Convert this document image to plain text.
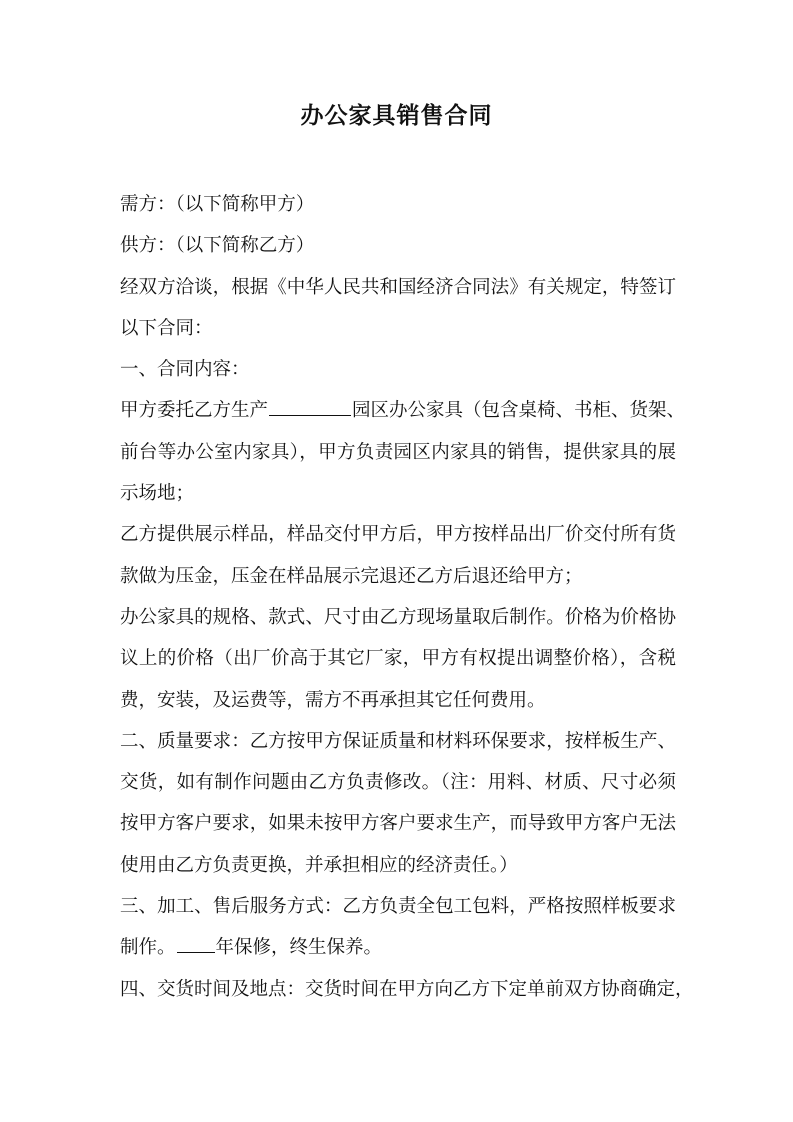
办公家具销售合同
需方：（以下简称甲方）
供方：（以下简称乙方）
经双方洽谈，根据《中华人民共和国经济合同法》有关规定，特签订
以下合同：
一、合同内容：
甲方委托乙方生产	园区办公家具（包含桌椅、书柜、货架、
前台等办公室内家具），甲方负责园区内家具的销售，提供家具的展
示场地；
乙方提供展示样品，样品交付甲方后，甲方按样品出厂价交付所有货
款做为压金，压金在样品展示完退还乙方后退还给甲方；
办公家具的规格、款式、尺寸由乙方现场量取后制作。价格为价格协
议上的价格（出厂价高于其它厂家，甲方有权提出调整价格），含税
费，安装，及运费等，需方不再承担其它任何费用。
二、质量要求：乙方按甲方保证质量和材料环保要求，按样板生产、
交货，如有制作问题由乙方负责修改。（注：用料、材质、尺寸必须
按甲方客户要求，如果未按甲方客户要求生产，而导致甲方客户无法
使用由乙方负责更换，并承担相应的经济责任。）
三、加工、售后服务方式：乙方负责全包工包料，严格按照样板要求
制作。 年保修，终生保养。
四、交货时间及地点：交货时间在甲方向乙方下定单前双方协商确定，
